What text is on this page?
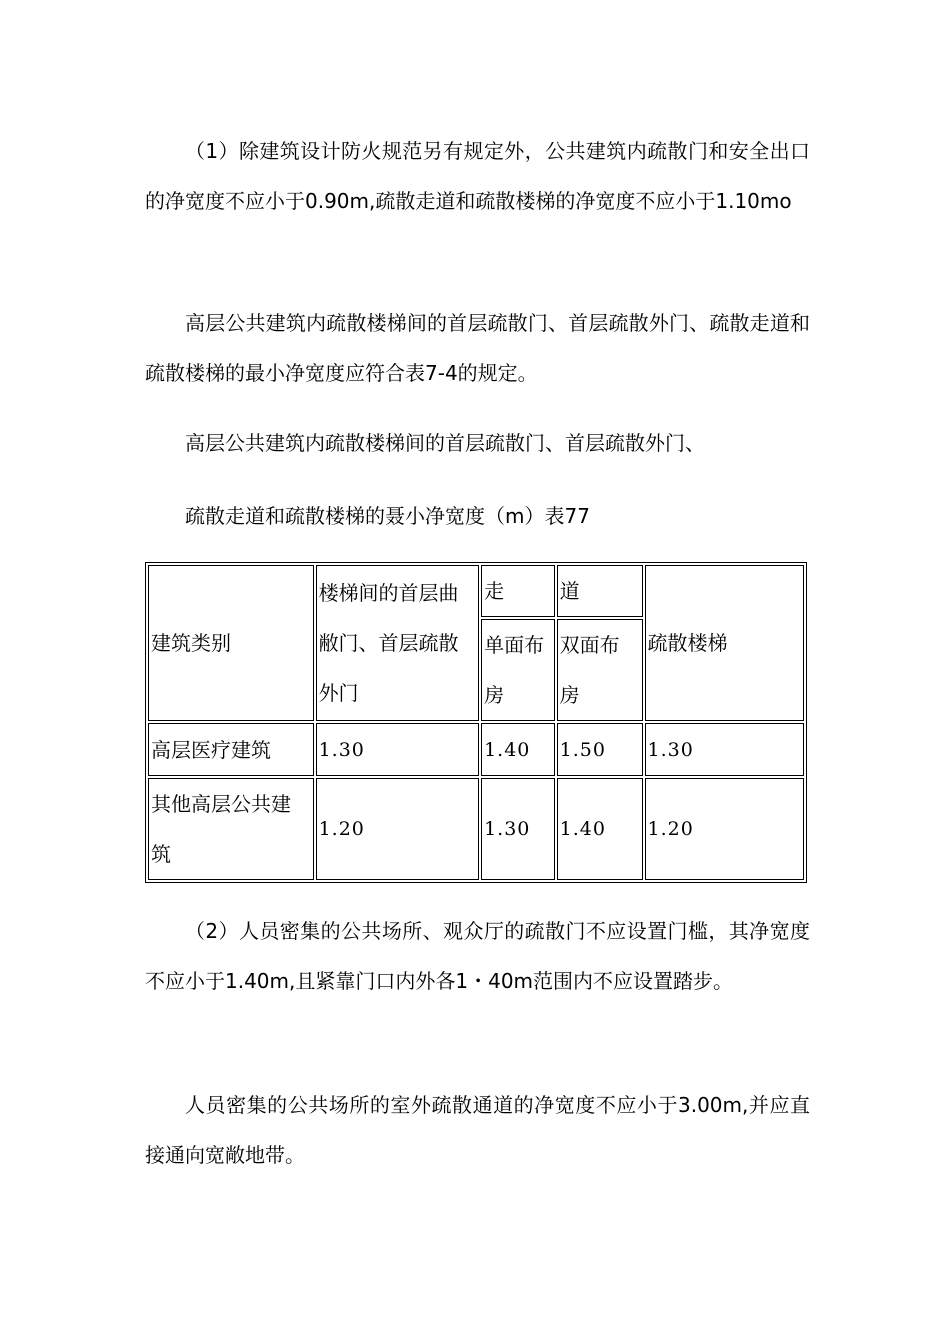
（1）除建筑设计防火规范另有规定外，公共建筑内疏散门和安全出口的净宽度不应小于0.90m,疏散走道和疏散楼梯的净宽度不应小于1.10mo

高层公共建筑内疏散楼梯间的首层疏散门、首层疏散外门、疏散走道和疏散楼梯的最小净宽度应符合表7-4的规定。

高层公共建筑内疏散楼梯间的首层疏散门、首层疏散外门、

疏散走道和疏散楼梯的聂小净宽度（m）表77

建筑类别	楼梯间的首层曲敝门、首层疏散外门	走	道	疏散楼梯
		单面布房	双面布房	
高层医疗建筑	1.30	1.40	1.50	1.30
其他高层公共建筑	1.20	1.30	1.40	1.20

（2）人员密集的公共场所、观众厅的疏散门不应设置门槛，其净宽度不应小于1.40m,且紧靠门口内外各1・40m范围内不应设置踏步。

人员密集的公共场所的室外疏散通道的净宽度不应小于3.00m,并应直接通向宽敞地带。
